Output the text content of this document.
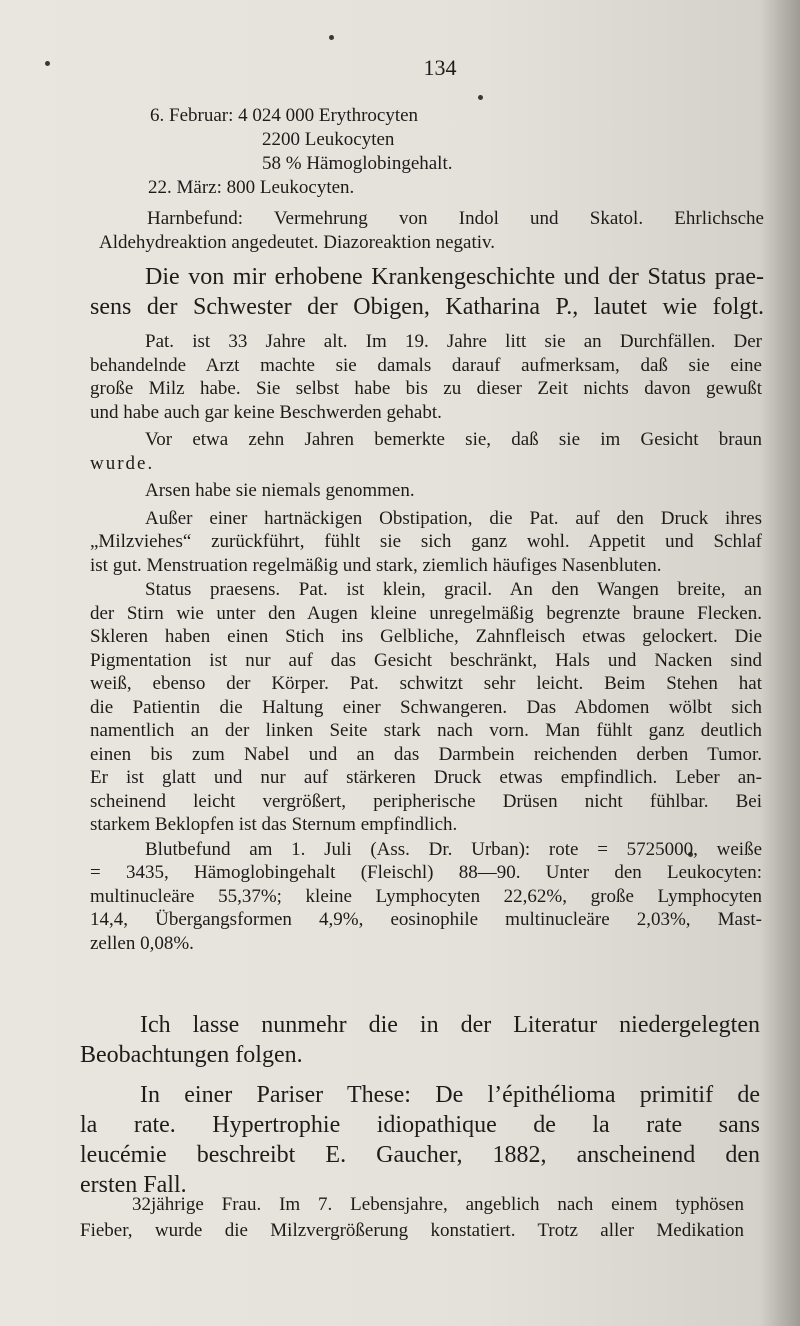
134
6. Februar: 4 024 000 Erythrocyten
2200 Leukocyten
58 % Hämoglobingehalt.
22. März: 800 Leukocyten.
Harnbefund: Vermehrung von Indol und Skatol. Ehrlichsche
Aldehydreaktion angedeutet. Diazoreaktion negativ.
Die von mir erhobene Krankengeschichte und der Status prae-
sens der Schwester der Obigen, Katharina P., lautet wie folgt.
Pat. ist 33 Jahre alt. Im 19. Jahre litt sie an Durchfällen. Der
behandelnde Arzt machte sie damals darauf aufmerksam, daß sie eine
große Milz habe. Sie selbst habe bis zu dieser Zeit nichts davon gewußt
und habe auch gar keine Beschwerden gehabt.
Vor etwa zehn Jahren bemerkte sie, daß sie im Gesicht braun
wurde.
Arsen habe sie niemals genommen.
Außer einer hartnäckigen Obstipation, die Pat. auf den Druck ihres
„Milzviehes“ zurückführt, fühlt sie sich ganz wohl. Appetit und Schlaf
ist gut. Menstruation regelmäßig und stark, ziemlich häufiges Nasenbluten.
Status praesens. Pat. ist klein, gracil. An den Wangen breite, an
der Stirn wie unter den Augen kleine unregelmäßig begrenzte braune Flecken.
Skleren haben einen Stich ins Gelbliche, Zahnfleisch etwas gelockert. Die
Pigmentation ist nur auf das Gesicht beschränkt, Hals und Nacken sind
weiß, ebenso der Körper. Pat. schwitzt sehr leicht. Beim Stehen hat
die Patientin die Haltung einer Schwangeren. Das Abdomen wölbt sich
namentlich an der linken Seite stark nach vorn. Man fühlt ganz deutlich
einen bis zum Nabel und an das Darmbein reichenden derben Tumor.
Er ist glatt und nur auf stärkeren Druck etwas empfindlich. Leber an-
scheinend leicht vergrößert, peripherische Drüsen nicht fühlbar. Bei
starkem Beklopfen ist das Sternum empfindlich.
Blutbefund am 1. Juli (Ass. Dr. Urban): rote = 5725000, weiße
= 3435, Hämoglobingehalt (Fleischl) 88—90. Unter den Leukocyten:
multinucleäre 55,37%; kleine Lymphocyten 22,62%, große Lymphocyten
14,4, Übergangsformen 4,9%, eosinophile multinucleäre 2,03%, Mast-
zellen 0,08%.
Ich lasse nunmehr die in der Literatur niedergelegten
Beobachtungen folgen.
In einer Pariser These: De l’épithélioma primitif de
la rate. Hypertrophie idiopathique de la rate sans
leucémie beschreibt E. Gaucher, 1882, anscheinend den
ersten Fall.
32jährige Frau. Im 7. Lebensjahre, angeblich nach einem typhösen
Fieber, wurde die Milzvergrößerung konstatiert. Trotz aller Medikation
